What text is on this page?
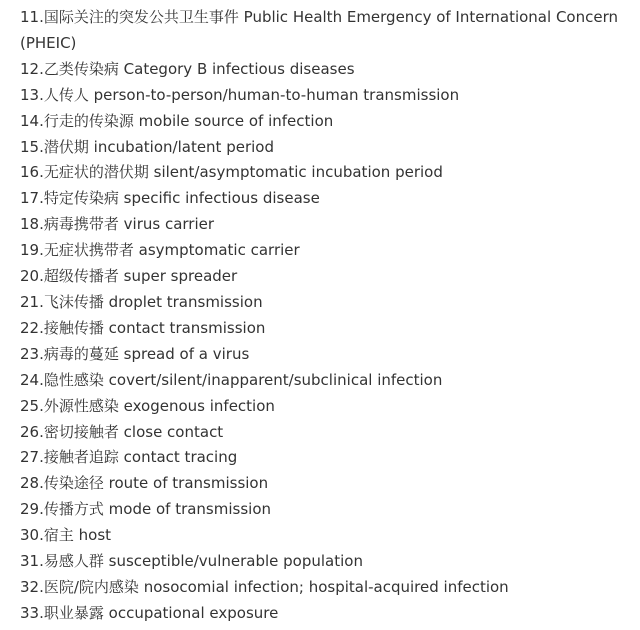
11.国际关注的突发公共卫生事件 Public Health Emergency of International Concern (PHEIC)

12.乙类传染病 Category B infectious diseases

13.人传人 person-to-person/human-to-human transmission

14.行走的传染源 mobile source of infection

15.潜伏期 incubation/latent period

16.无症状的潜伏期 silent/asymptomatic incubation period

17.特定传染病 specific infectious disease

18.病毒携带者 virus carrier

19.无症状携带者 asymptomatic carrier

20.超级传播者 super spreader

21.飞沫传播 droplet transmission

22.接触传播 contact transmission

23.病毒的蔓延 spread of a virus

24.隐性感染 covert/silent/inapparent/subclinical infection

25.外源性感染 exogenous infection

26.密切接触者 close contact

27.接触者追踪 contact tracing

28.传染途径 route of transmission

29.传播方式 mode of transmission

30.宿主 host

31.易感人群 susceptible/vulnerable population

32.医院/院内感染 nosocomial infection; hospital-acquired infection

33.职业暴露 occupational exposure
